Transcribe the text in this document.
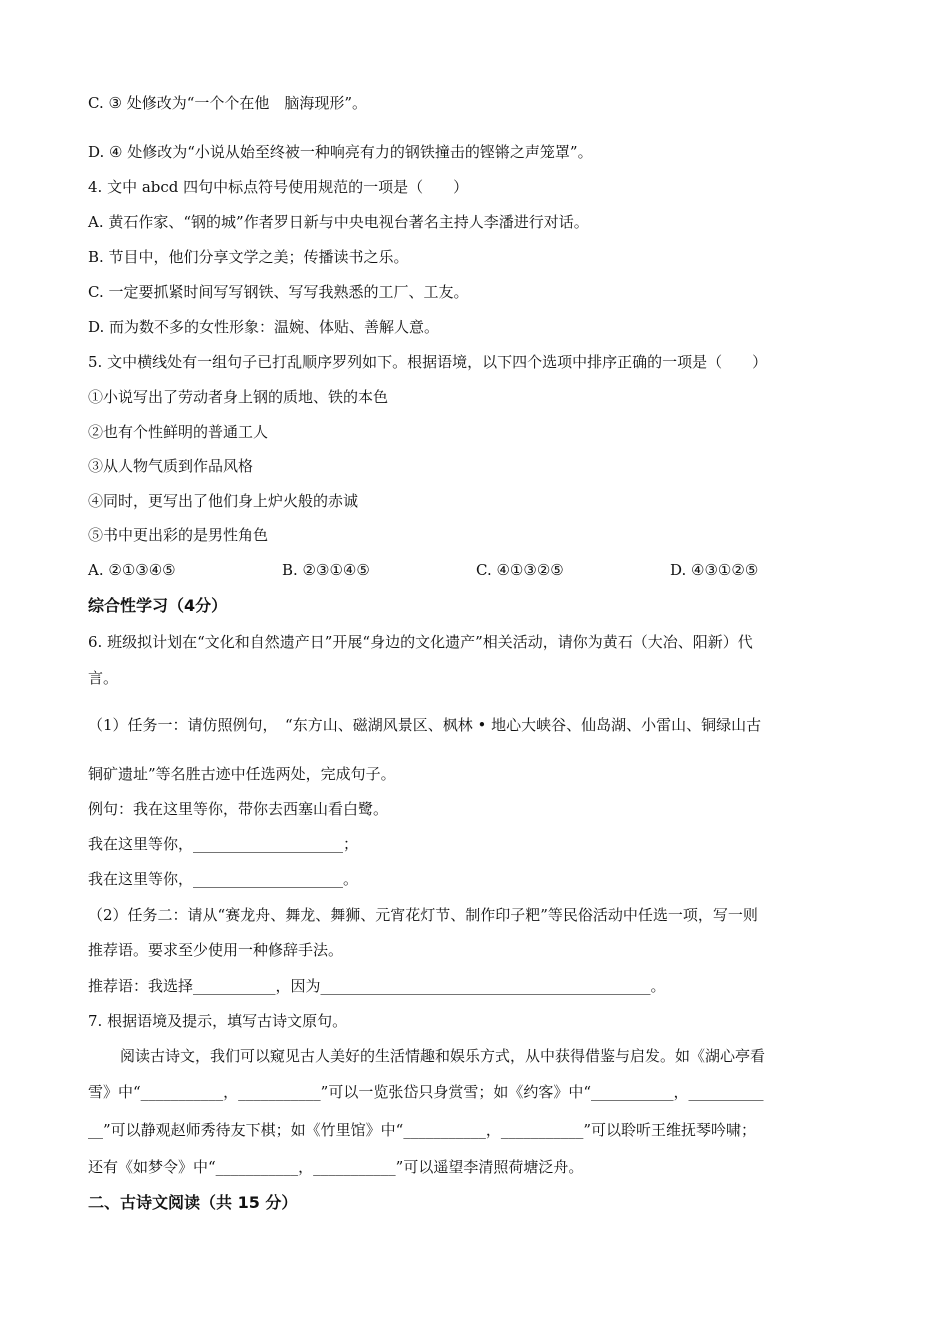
C. ③ 处修改为“一个个在他　脑海现形”。
D. ④ 处修改为“小说从始至终被一种响亮有力的钢铁撞击的铿锵之声笼罩”。
4. 文中 abcd 四句中标点符号使用规范的一项是（　　）
A. 黄石作家、“钢的城”作者罗日新与中央电视台著名主持人李潘进行对话。
B. 节目中，他们分享文学之美；传播读书之乐。
C. 一定要抓紧时间写写钢铁、写写我熟悉的工厂、工友。
D. 而为数不多的女性形象：温婉、体贴、善解人意。
5. 文中横线处有一组句子已打乱顺序罗列如下。根据语境，以下四个选项中排序正确的一项是（　　）
①小说写出了劳动者身上钢的质地、铁的本色
②也有个性鲜明的普通工人
③从人物气质到作品风格
④同时，更写出了他们身上炉火般的赤诚
⑤书中更出彩的是男性角色
A. ②①③④⑤	B. ②③①④⑤	C. ④①③②⑤	D. ④③①②⑤
综合性学习（4分）
6. 班级拟计划在“文化和自然遗产日”开展“身边的文化遗产”相关活动，请你为黄石（大冶、阳新）代
言。
（1）任务一：请仿照例句，　“东方山、磁湖风景区、枫林 • 地心大峡谷、仙岛湖、小雷山、铜绿山古
铜矿遗址”等名胜古迹中任选两处，完成句子。
例句：我在这里等你，带你去西塞山看白鹭。
我在这里等你，____________________；
我在这里等你，____________________。
（2）任务二：请从“赛龙舟、舞龙、舞狮、元宵花灯节、制作印子粑”等民俗活动中任选一项，写一则
推荐语。要求至少使用一种修辞手法。
推荐语：我选择___________，因为____________________________________________。
7. 根据语境及提示，填写古诗文原句。
阅读古诗文，我们可以窥见古人美好的生活情趣和娱乐方式，从中获得借鉴与启发。如《湖心亭看
雪》中“___________，___________”可以一览张岱只身赏雪；如《约客》中“___________，__________
__”可以静观赵师秀待友下棋；如《竹里馆》中“___________，___________”可以聆听王维抚琴吟啸；
还有《如梦令》中“___________，___________”可以遥望李清照荷塘泛舟。
二、古诗文阅读（共 15 分）
